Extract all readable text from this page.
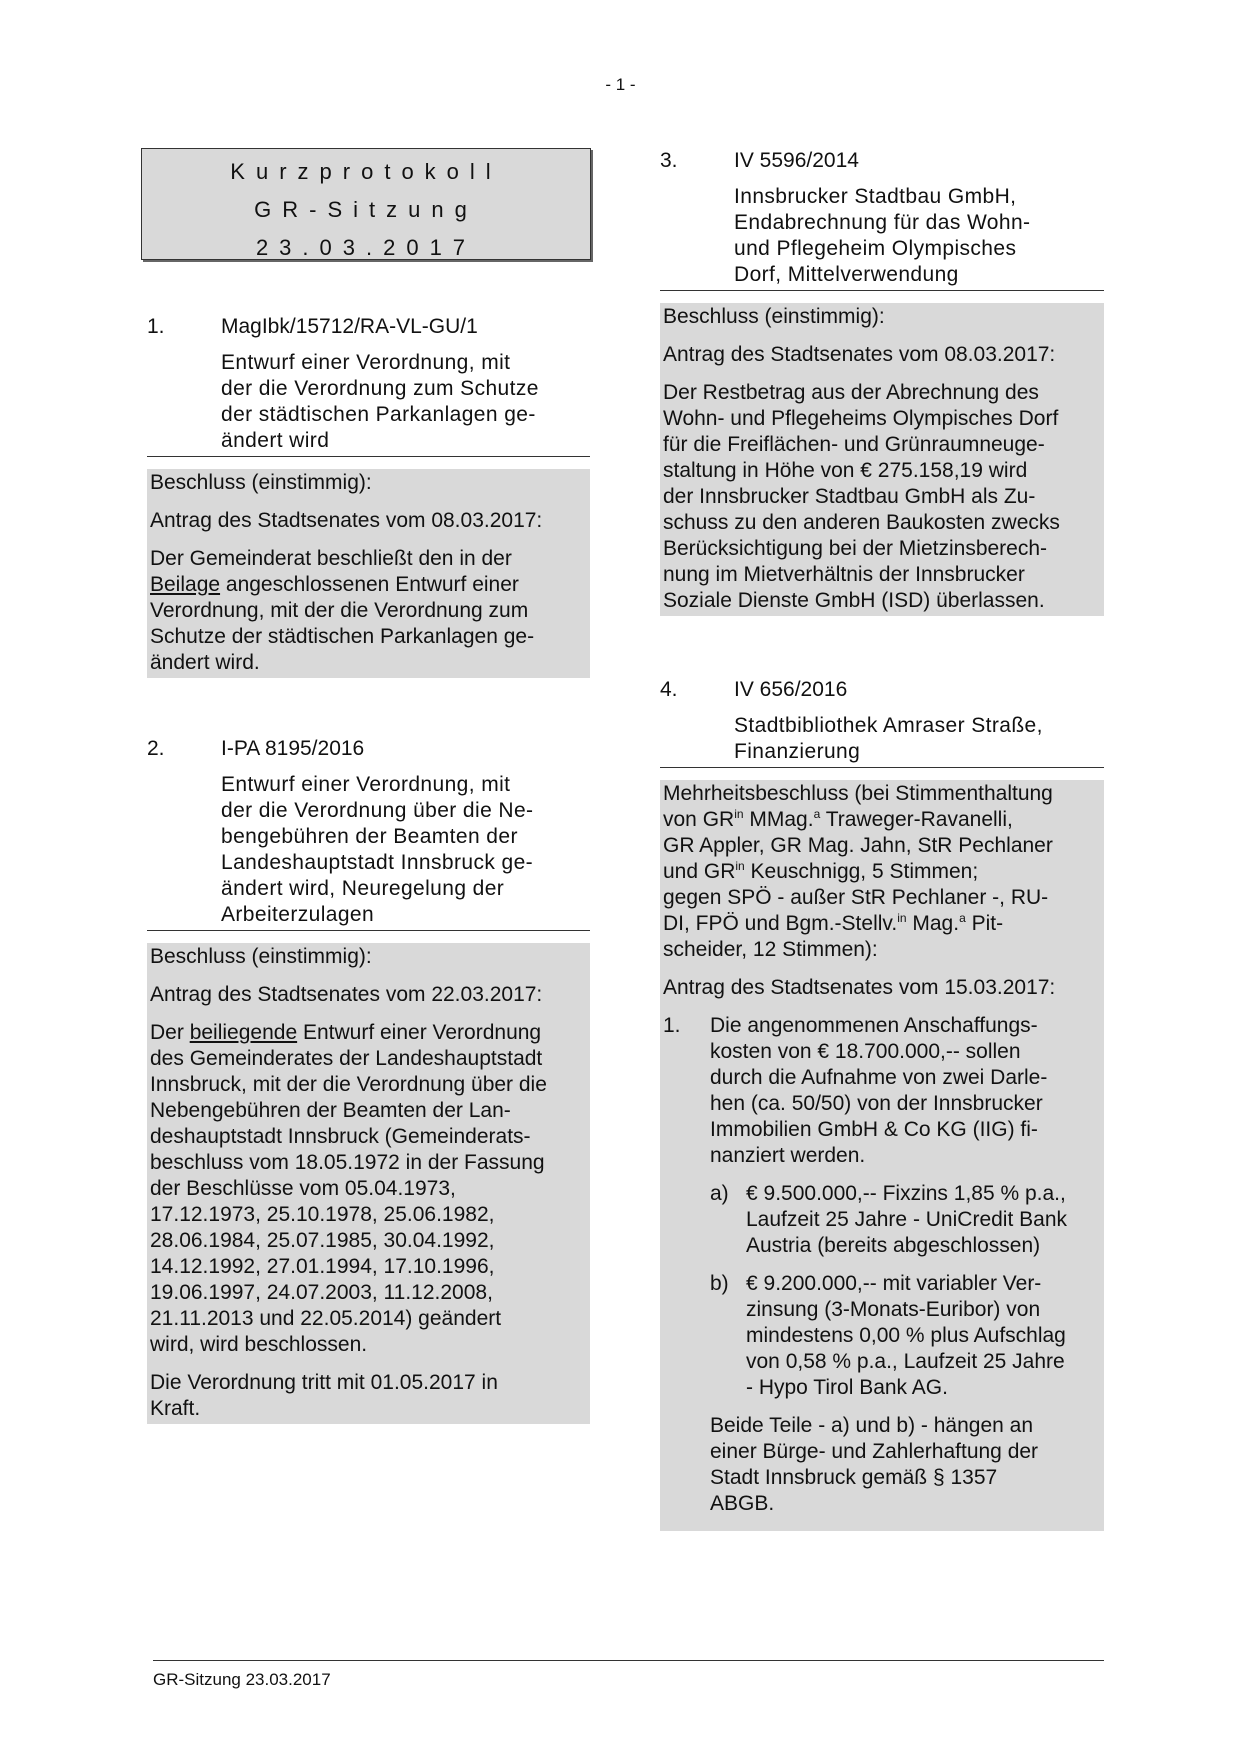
- 1 -
Kurzprotokoll
GR-Sitzung
23.03.2017
1.	MagIbk/15712/RA-VL-GU/1
Entwurf einer Verordnung, mit
der die Verordnung zum Schutze
der städtischen Parkanlagen ge-
ändert wird

Beschluss (einstimmig):

Antrag des Stadtsenates vom 08.03.2017:

Der Gemeinderat beschließt den in der
Beilage angeschlossenen Entwurf einer
Verordnung, mit der die Verordnung zum
Schutze der städtischen Parkanlagen ge-
ändert wird.

2.	I-PA 8195/2016
Entwurf einer Verordnung, mit
der die Verordnung über die Ne-
bengebühren der Beamten der
Landeshauptstadt Innsbruck ge-
ändert wird, Neuregelung der
Arbeiterzulagen

Beschluss (einstimmig):

Antrag des Stadtsenates vom 22.03.2017:

Der beiliegende Entwurf einer Verordnung
des Gemeinderates der Landeshauptstadt
Innsbruck, mit der die Verordnung über die
Nebengebühren der Beamten der Lan-
deshauptstadt Innsbruck (Gemeinderats-
beschluss vom 18.05.1972 in der Fassung
der Beschlüsse vom 05.04.1973,
17.12.1973, 25.10.1978, 25.06.1982,
28.06.1984, 25.07.1985, 30.04.1992,
14.12.1992, 27.01.1994, 17.10.1996,
19.06.1997, 24.07.2003, 11.12.2008,
21.11.2013 und 22.05.2014) geändert
wird, wird beschlossen.

Die Verordnung tritt mit 01.05.2017 in
Kraft.

3.	IV 5596/2014
Innsbrucker Stadtbau GmbH,
Endabrechnung für das Wohn-
und Pflegeheim Olympisches
Dorf, Mittelverwendung

Beschluss (einstimmig):

Antrag des Stadtsenates vom 08.03.2017:

Der Restbetrag aus der Abrechnung des
Wohn- und Pflegeheims Olympisches Dorf
für die Freiflächen- und Grünraumneuge-
staltung in Höhe von € 275.158,19 wird
der Innsbrucker Stadtbau GmbH als Zu-
schuss zu den anderen Baukosten zwecks
Berücksichtigung bei der Mietzinsberech-
nung im Mietverhältnis der Innsbrucker
Soziale Dienste GmbH (ISD) überlassen.

4.	IV 656/2016
Stadtbibliothek Amraser Straße,
Finanzierung

Mehrheitsbeschluss (bei Stimmenthaltung
von $GR^{in}$ MMag.$^a$ Traweger-Ravanelli,
GR Appler, GR Mag. Jahn, StR Pechlaner
und $GR^{in}$ Keuschnigg, 5 Stimmen;
gegen SPÖ - außer StR Pechlaner -, RU-
DI, FPÖ und Bgm.-Stellv.$^{in}$ Mag.$^a$ Pit-
scheider, 12 Stimmen):

Antrag des Stadtsenates vom 15.03.2017:

1.	Die angenommenen Anschaffungs-
kosten von € 18.700.000,-- sollen
durch die Aufnahme von zwei Darle-
hen (ca. 50/50) von der Innsbrucker
Immobilien GmbH & Co KG (IIG) fi-
nanziert werden.
a) € 9.500.000,-- Fixzins 1,85 % p.a.,
Laufzeit 25 Jahre - UniCredit Bank
Austria (bereits abgeschlossen)
b) € 9.200.000,-- mit variabler Ver-
zinsung (3-Monats-Euribor) von
mindestens 0,00 % plus Aufschlag
von 0,58 % p.a., Laufzeit 25 Jahre
- Hypo Tirol Bank AG.
Beide Teile - a) und b) - hängen an
einer Bürge- und Zahlerhaftung der
Stadt Innsbruck gemäß § 1357
ABGB.
GR-Sitzung 23.03.2017
